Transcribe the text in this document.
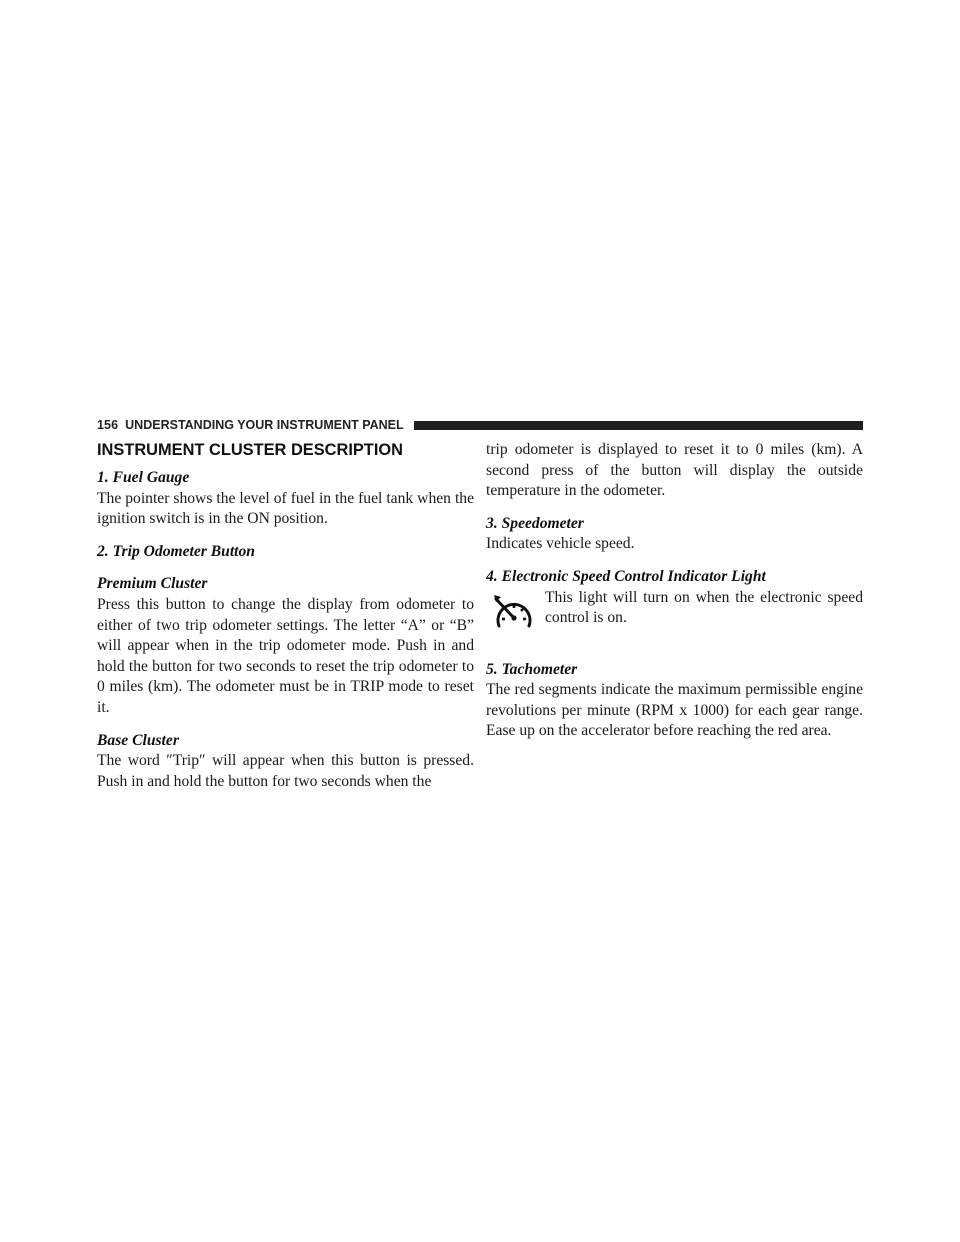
156 UNDERSTANDING YOUR INSTRUMENT PANEL
INSTRUMENT CLUSTER DESCRIPTION
1. Fuel Gauge

The pointer shows the level of fuel in the fuel tank when the ignition switch is in the ON position.

2. Trip Odometer Button
Premium Cluster

Press this button to change the display from odometer to either of two trip odometer settings. The letter “A” or “B” will appear when in the trip odometer mode. Push in and hold the button for two seconds to reset the trip odometer to 0 miles (km). The odometer must be in TRIP mode to reset it.

Base Cluster

The word ″Trip″ will appear when this button is pressed. Push in and hold the button for two seconds when the

trip odometer is displayed to reset it to 0 miles (km). A second press of the button will display the outside temperature in the odometer.

3. Speedometer

Indicates vehicle speed.

4. Electronic Speed Control Indicator Light

This light will turn on when the electronic speed control is on.

5. Tachometer

The red segments indicate the maximum permissible engine revolutions per minute (RPM x 1000) for each gear range. Ease up on the accelerator before reaching the red area.
